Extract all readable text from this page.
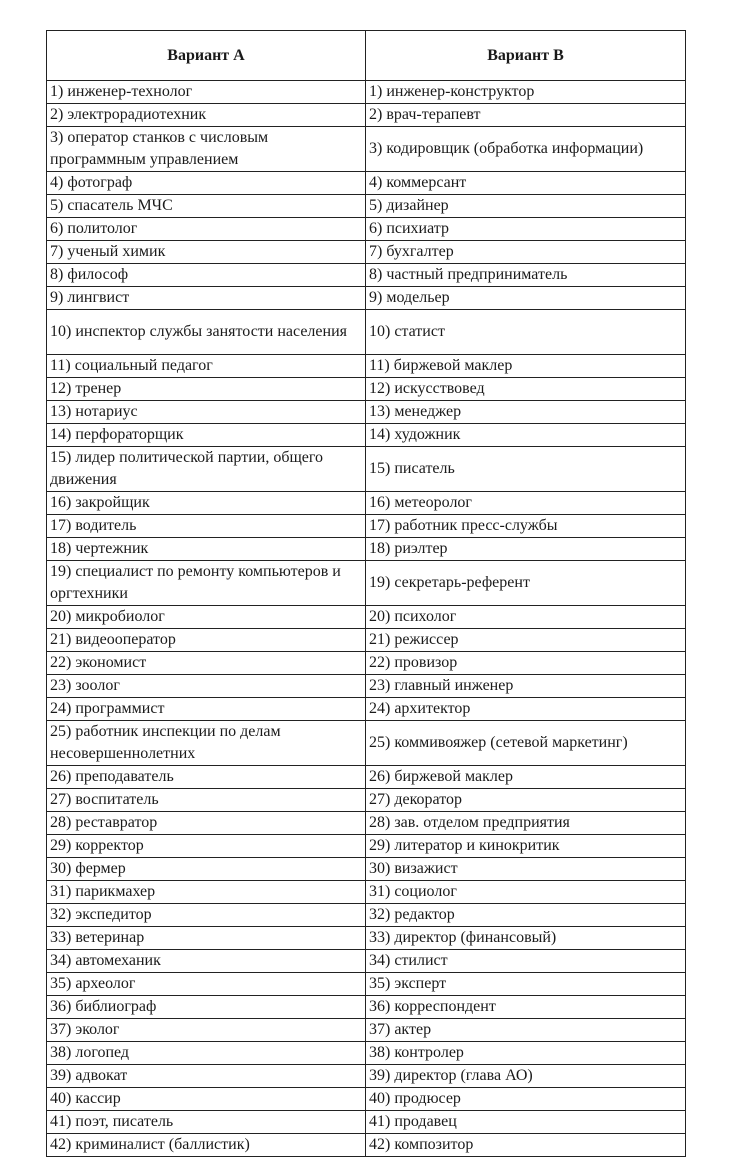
Вариант А	Вариант В
1) инженер-технолог	1) инженер-конструктор
2) электрорадиотехник	2) врач-терапевт
3) оператор станков с числовым программным управлением	3) кодировщик (обработка информации)
4) фотограф	4) коммерсант
5) спасатель МЧС	5) дизайнер
6) политолог	6) психиатр
7) ученый химик	7) бухгалтер
8) философ	8) частный предприниматель
9) лингвист	9) модельер
10) инспектор службы занятости населения	10) статист
11) социальный педагог	11) биржевой маклер
12) тренер	12) искусствовед
13) нотариус	13) менеджер
14) перфораторщик	14) художник
15) лидер политической партии, общего движения	15) писатель
16) закройщик	16) метеоролог
17) водитель	17) работник пресс-службы
18) чертежник	18) риэлтер
19) специалист по ремонту компьютеров и оргтехники	19) секретарь-референт
20) микробиолог	20) психолог
21) видеооператор	21) режиссер
22) экономист	22) провизор
23) зоолог	23) главный инженер
24) программист	24) архитектор
25) работник инспекции по делам несовершеннолетних	25) коммивояжер (сетевой маркетинг)
26) преподаватель	26) биржевой маклер
27) воспитатель	27) декоратор
28) реставратор	28) зав. отделом предприятия
29) корректор	29) литератор и кинокритик
30) фермер	30) визажист
31) парикмахер	31) социолог
32) экспедитор	32) редактор
33) ветеринар	33) директор (финансовый)
34) автомеханик	34) стилист
35) археолог	35) эксперт
36) библиограф	36) корреспондент
37) эколог	37) актер
38) логопед	38) контролер
39) адвокат	39) директор (глава АО)
40) кассир	40) продюсер
41) поэт, писатель	41) продавец
42) криминалист (баллистик)	42) композитор
